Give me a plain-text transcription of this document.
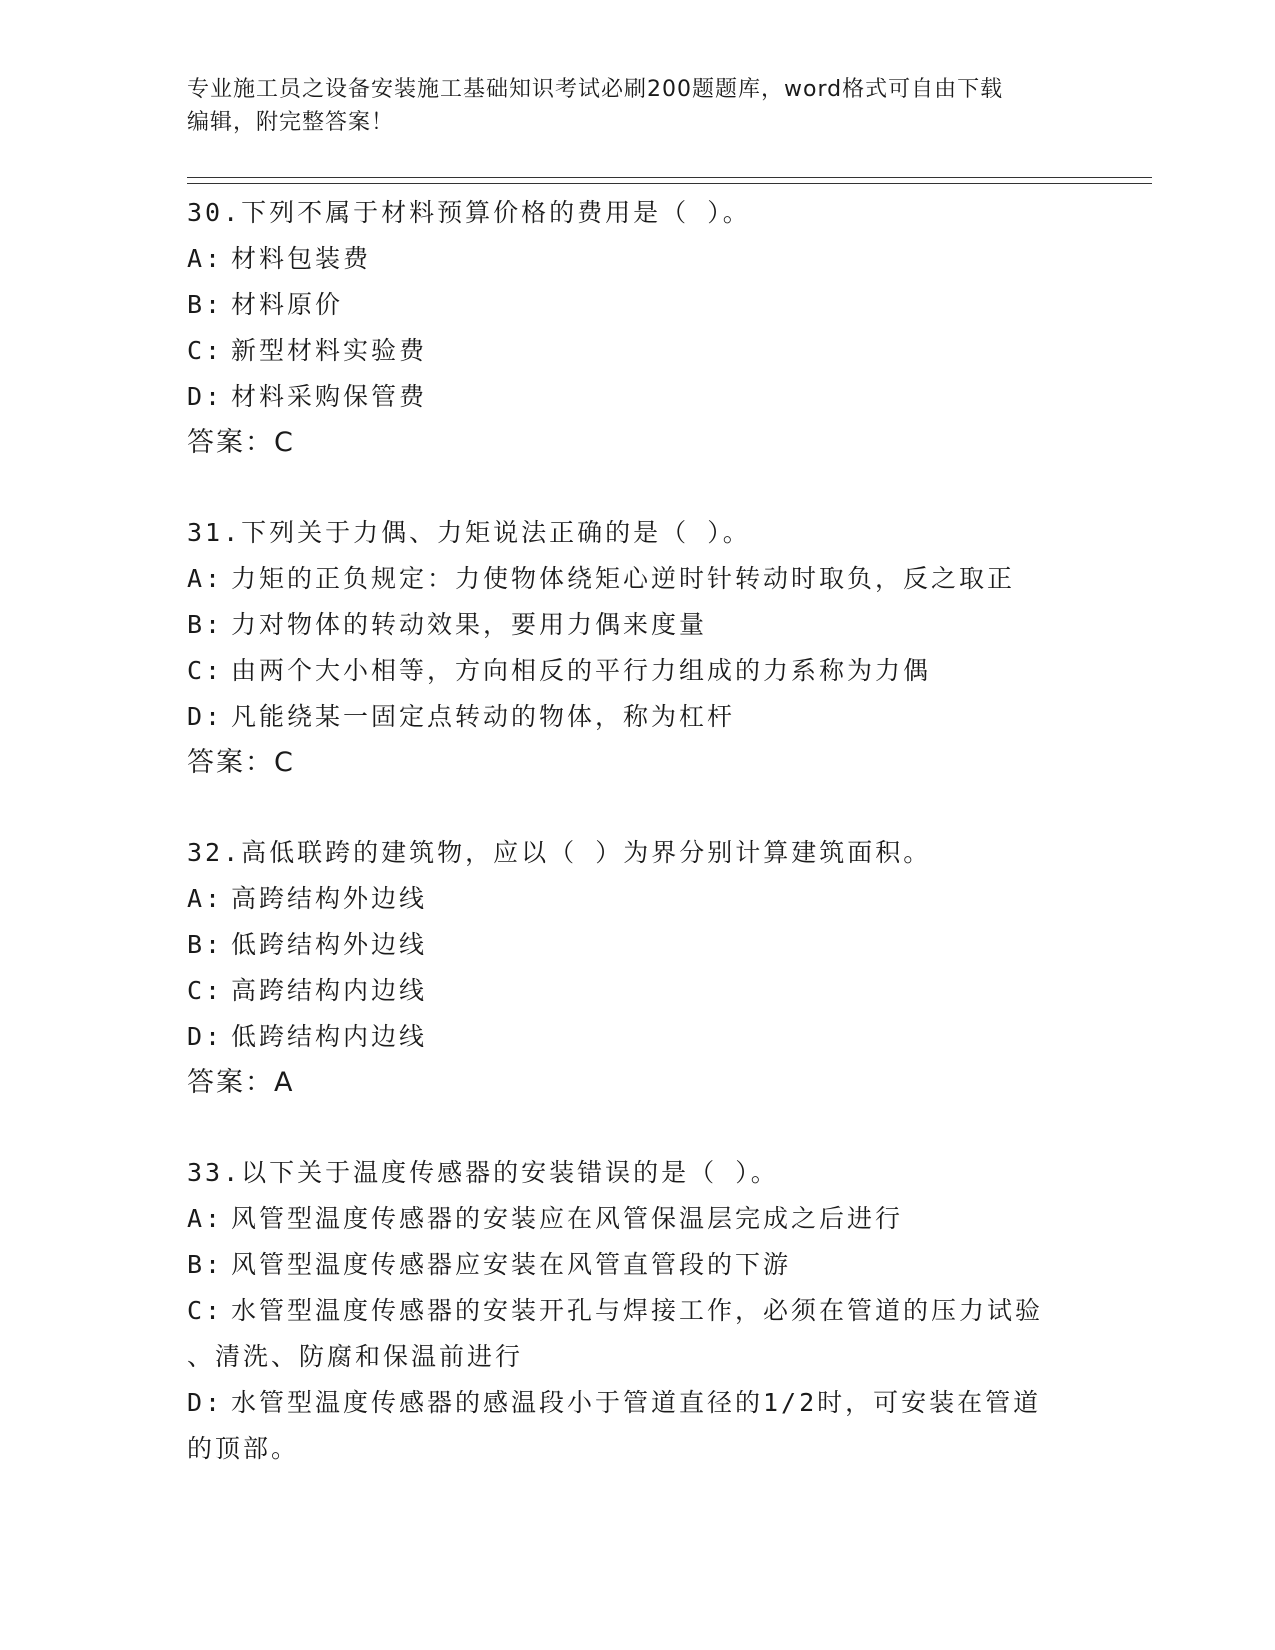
专业施工员之设备安装施工基础知识考试必刷200题题库，word格式可自由下载
编辑，附完整答案！
30.下列不属于材料预算价格的费用是（ ）。
A: 材料包装费
B: 材料原价
C: 新型材料实验费
D: 材料采购保管费
答案：C
31.下列关于力偶、力矩说法正确的是（ ）。
A: 力矩的正负规定：力使物体绕矩心逆时针转动时取负，反之取正
B: 力对物体的转动效果，要用力偶来度量
C: 由两个大小相等，方向相反的平行力组成的力系称为力偶
D: 凡能绕某一固定点转动的物体，称为杠杆
答案：C
32.高低联跨的建筑物，应以（ ）为界分别计算建筑面积。
A: 高跨结构外边线
B: 低跨结构外边线
C: 高跨结构内边线
D: 低跨结构内边线
答案：A
33.以下关于温度传感器的安装错误的是（ ）。
A: 风管型温度传感器的安装应在风管保温层完成之后进行
B: 风管型温度传感器应安装在风管直管段的下游
C: 水管型温度传感器的安装开孔与焊接工作，必须在管道的压力试验
、清洗、防腐和保温前进行
D: 水管型温度传感器的感温段小于管道直径的1/2时，可安装在管道
的顶部。
